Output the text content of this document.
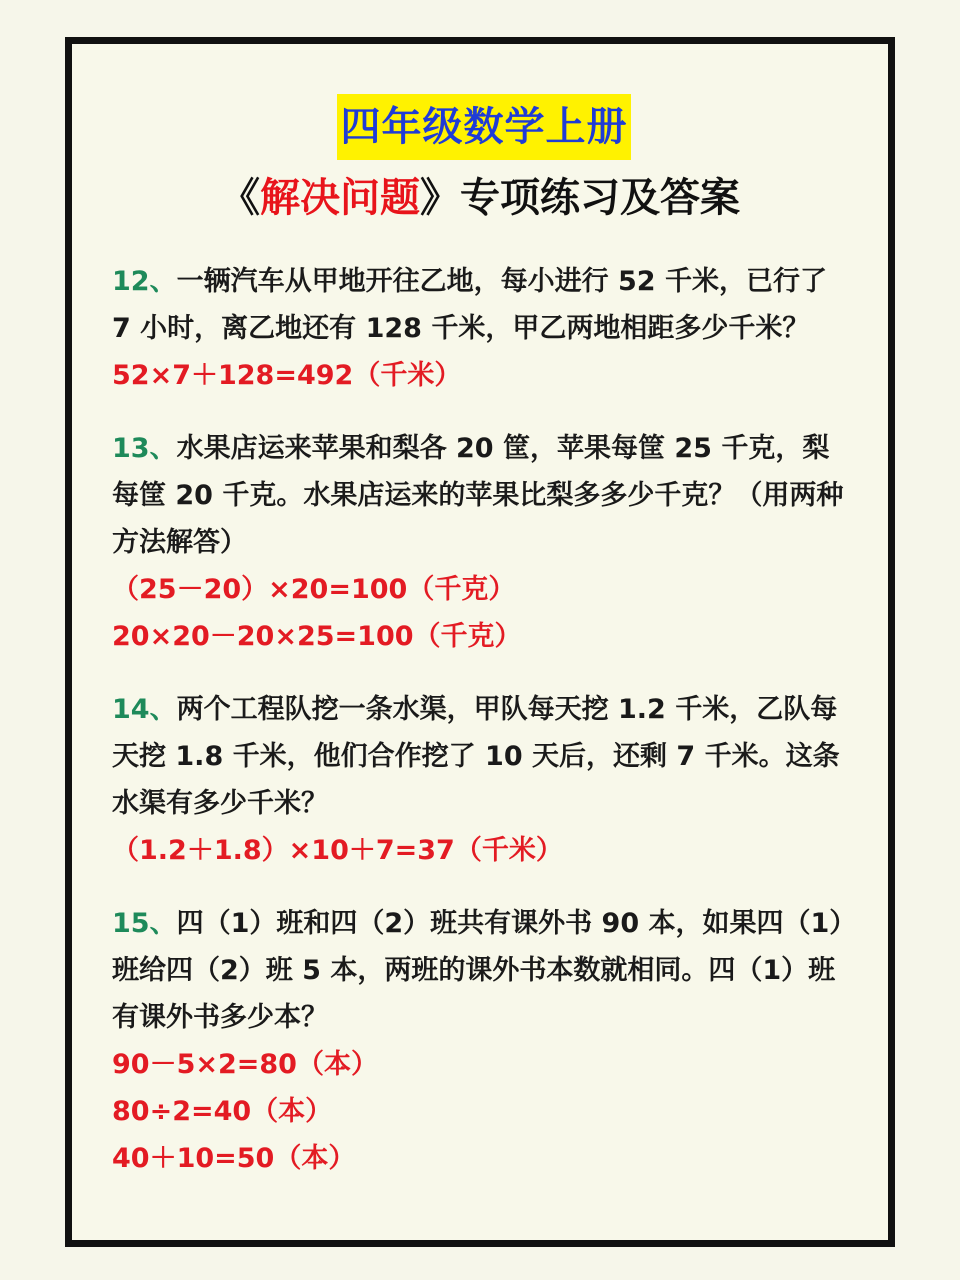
四年级数学上册
《解决问题》专项练习及答案

12、一辆汽车从甲地开往乙地，每小进行 52 千米，已行了 7 小时，离乙地还有 128 千米，甲乙两地相距多少千米？

52×7＋128=492（千米）

13、水果店运来苹果和梨各 20 筐，苹果每筐 25 千克，梨每筐 20 千克。水果店运来的苹果比梨多多少千克？（用两种方法解答）

（25－20）×20=100（千克）

20×20－20×25=100（千克）

14、两个工程队挖一条水渠，甲队每天挖 1.2 千米，乙队每天挖 1.8 千米，他们合作挖了 10 天后，还剩 7 千米。这条水渠有多少千米？

（1.2＋1.8）×10＋7=37（千米）

15、四（1）班和四（2）班共有课外书 90 本，如果四（1）班给四（2）班 5 本，两班的课外书本数就相同。四（1）班有课外书多少本？

90－5×2=80（本）

80÷2=40（本）

40＋10=50（本）
